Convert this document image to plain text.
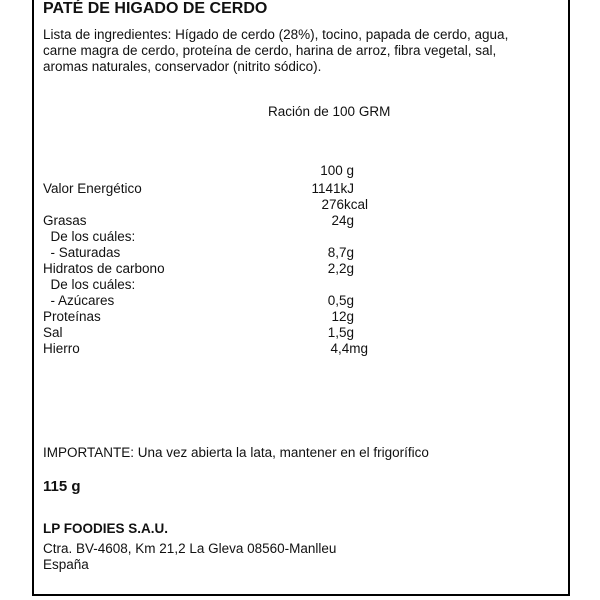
PATÉ DE HIGADO DE CERDO
Lista de ingredientes: Hígado de cerdo (28%), tocino, papada de cerdo, agua,
carne magra de cerdo, proteína de cerdo, harina de arroz, fibra vegetal, sal,
aromas naturales, conservador (nitrito sódico).
Ración de 100 GRM
100 g
Valor Energético	1141kJ
276kcal
Grasas	24g
De los cuáles:
- Saturadas	8,7g
Hidratos de carbono	2,2g
De los cuáles:
- Azúcares	0,5g
Proteínas	12g
Sal	1,5g
Hierro	4,4mg
IMPORTANTE: Una vez abierta la lata, mantener en el frigorífico
115 g
LP FOODIES S.A.U.
Ctra. BV-4608, Km 21,2 La Gleva 08560-Manlleu
España
